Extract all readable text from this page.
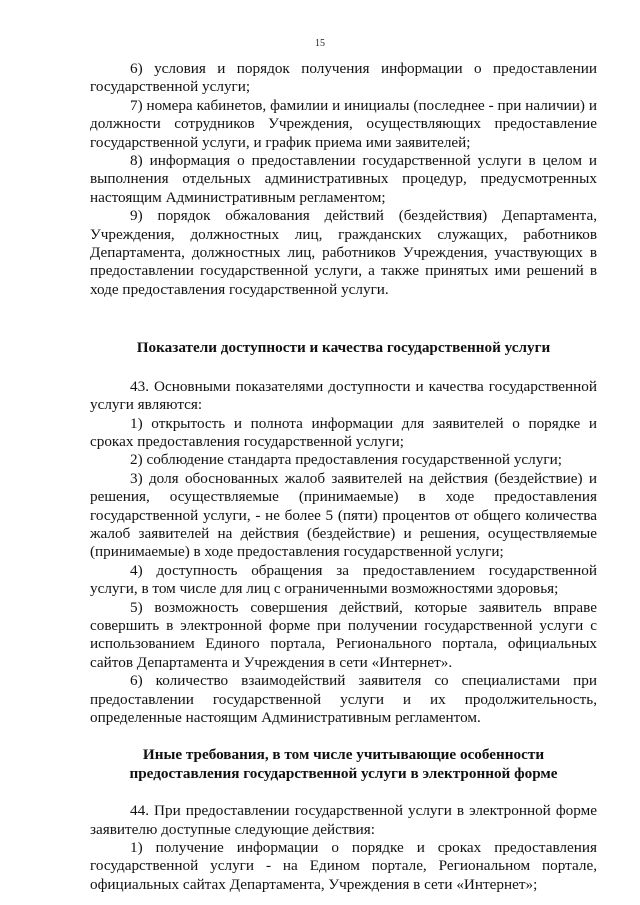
15

6) условия и порядок получения информации о предоставлении государственной услуги;

7) номера кабинетов, фамилии и инициалы (последнее - при наличии) и должности сотрудников Учреждения, осуществляющих предоставление государственной услуги, и график приема ими заявителей;

8) информация о предоставлении государственной услуги в целом и выполнения отдельных административных процедур, предусмотренных настоящим Административным регламентом;

9) порядок обжалования действий (бездействия) Департамента, Учреждения, должностных лиц, гражданских служащих, работников Департамента, должностных лиц, работников Учреждения, участвующих в предоставлении государственной услуги, а также принятых ими решений в ходе предоставления государственной услуги.

Показатели доступности и качества государственной услуги

43. Основными показателями доступности и качества государственной услуги являются:

1) открытость и полнота информации для заявителей о порядке и сроках предоставления государственной услуги;

2) соблюдение стандарта предоставления государственной услуги;

3) доля обоснованных жалоб заявителей на действия (бездействие) и решения, осуществляемые (принимаемые) в ходе предоставления государственной услуги, - не более 5 (пяти) процентов от общего количества жалоб заявителей на действия (бездействие) и решения, осуществляемые (принимаемые) в ходе предоставления государственной услуги;

4) доступность обращения за предоставлением государственной услуги, в том числе для лиц с ограниченными возможностями здоровья;

5) возможность совершения действий, которые заявитель вправе совершить в электронной форме при получении государственной услуги с использованием Единого портала, Регионального портала, официальных сайтов Департамента и Учреждения в сети «Интернет».

6) количество взаимодействий заявителя со специалистами при предоставлении государственной услуги и их продолжительность, определенные настоящим Административным регламентом.

Иные требования, в том числе учитывающие особенности
предоставления государственной услуги в электронной форме

44. При предоставлении государственной услуги в электронной форме заявителю доступные следующие действия:

1) получение информации о порядке и сроках предоставления государственной услуги - на Едином портале, Региональном портале, официальных сайтах Департамента, Учреждения в сети «Интернет»;
